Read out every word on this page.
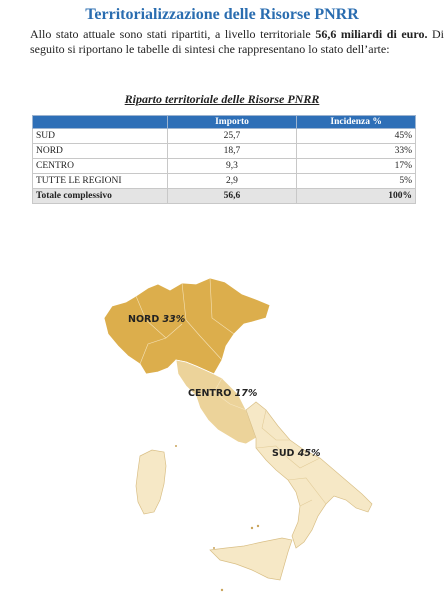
Territorializzazione delle Risorse PNRR
Allo stato attuale sono stati ripartiti, a livello territoriale 56,6 miliardi di euro. Di seguito si riportano le tabelle di sintesi che rappresentano lo stato dell’arte:
Riparto territoriale delle Risorse PNRR
	Importo	Incidenza %
SUD	25,7	45%
NORD	18,7	33%
CENTRO	9,3	17%
TUTTE LE REGIONI	2,9	5%
Totale complessivo	56,6	100%
NORD 33%
CENTRO 17%
SUD 45%
